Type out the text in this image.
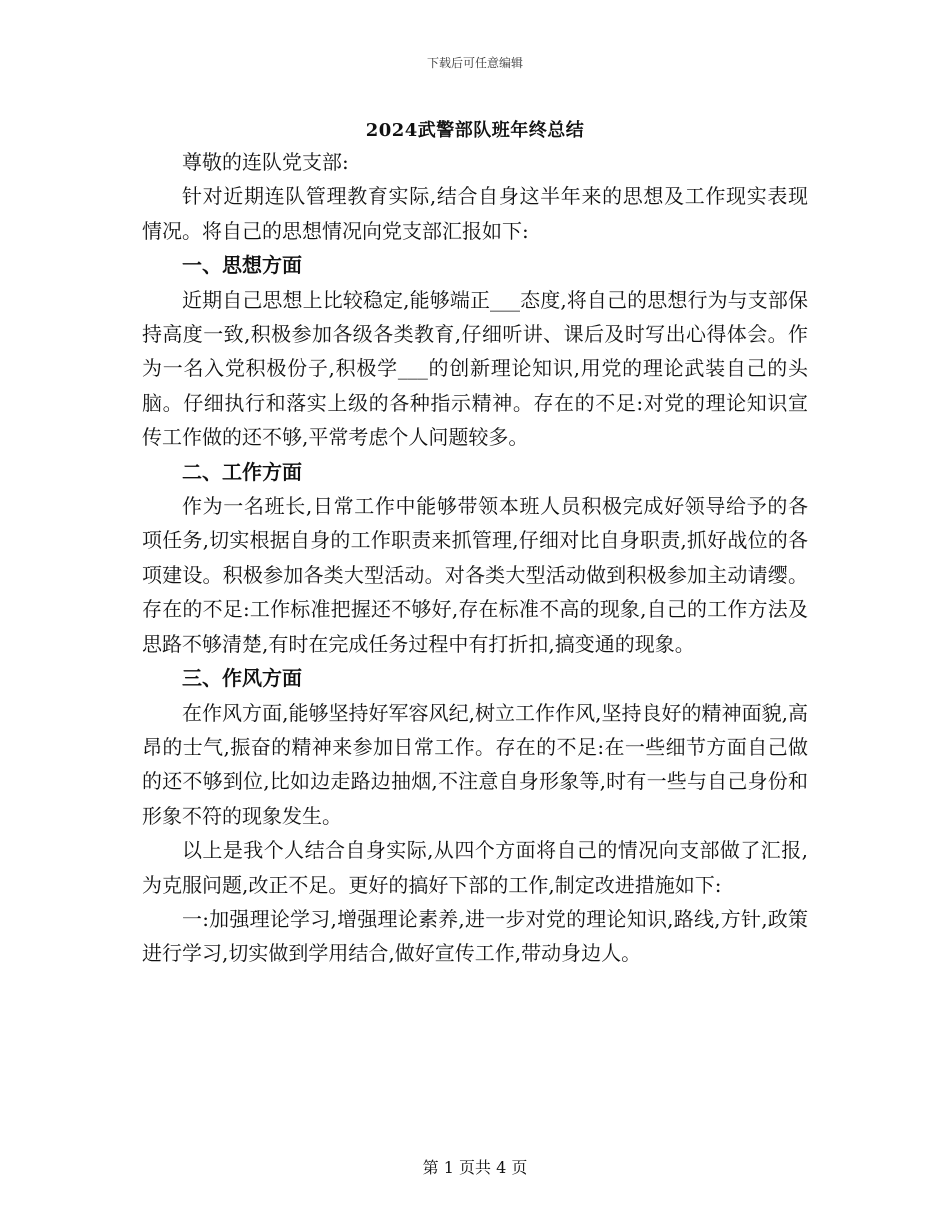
下载后可任意编辑
2024武警部队班年终总结

尊敬的连队党支部:

针对近期连队管理教育实际,结合自身这半年来的思想及工作现实表现情况。将自己的思想情况向党支部汇报如下:

一、思想方面

近期自己思想上比较稳定,能够端正___态度,将自己的思想行为与支部保持高度一致,积极参加各级各类教育,仔细听讲、课后及时写出心得体会。作为一名入党积极份子,积极学___的创新理论知识,用党的理论武装自己的头脑。仔细执行和落实上级的各种指示精神。存在的不足:对党的理论知识宣传工作做的还不够,平常考虑个人问题较多。

二、工作方面

作为一名班长,日常工作中能够带领本班人员积极完成好领导给予的各项任务,切实根据自身的工作职责来抓管理,仔细对比自身职责,抓好战位的各项建设。积极参加各类大型活动。对各类大型活动做到积极参加主动请缨。存在的不足:工作标准把握还不够好,存在标准不高的现象,自己的工作方法及思路不够清楚,有时在完成任务过程中有打折扣,搞变通的现象。

三、作风方面

在作风方面,能够坚持好军容风纪,树立工作作风,坚持良好的精神面貌,高昂的士气,振奋的精神来参加日常工作。存在的不足:在一些细节方面自己做的还不够到位,比如边走路边抽烟,不注意自身形象等,时有一些与自己身份和形象不符的现象发生。

以上是我个人结合自身实际,从四个方面将自己的情况向支部做了汇报,为克服问题,改正不足。更好的搞好下部的工作,制定改进措施如下:

一:加强理论学习,增强理论素养,进一步对党的理论知识,路线,方针,政策进行学习,切实做到学用结合,做好宣传工作,带动身边人。

第 1 页共 4 页
